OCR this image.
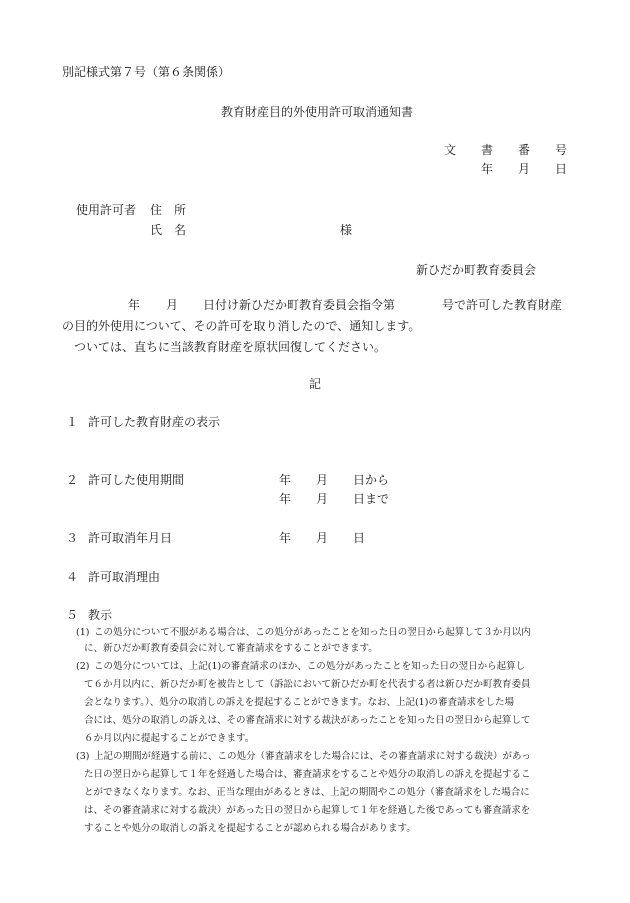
別記様式第７号（第６条関係）
教育財産目的外使用許可取消通知書
文 書 番 号
年 月 日
使用許可者 住　所
氏　名	様
新ひだか町教育委員会
年 月 日付け新ひだか町教育委員会指令第	号で許可した教育財産
の目的外使用について、その許可を取り消したので、通知します。
ついては、直ちに当該教育財産を原状回復してください。
記
１ 許可した教育財産の表示
２ 許可した使用期間	年 月 日から
年 月 日まで
３ 許可取消年月日	年 月 日
４ 許可取消理由
５ 教示
(1) この処分について不服がある場合は、この処分があったことを知った日の翌日から起算して３か月以内
に、新ひだか町教育委員会に対して審査請求をすることができます。
(2) この処分については、上記(1)の審査請求のほか、この処分があったことを知った日の翌日から起算し
て６か月以内に、新ひだか町を被告として（訴訟において新ひだか町を代表する者は新ひだか町教育委員
会となります。）、処分の取消しの訴えを提起することができます。なお、上記(1)の審査請求をした場
合には、処分の取消しの訴えは、その審査請求に対する裁決があったことを知った日の翌日から起算して
６か月以内に提起することができます。
(3) 上記の期間が経過する前に、この処分（審査請求をした場合には、その審査請求に対する裁決）があっ
た日の翌日から起算して１年を経過した場合は、審査請求をすることや処分の取消しの訴えを提起するこ
とができなくなります。なお、正当な理由があるときは、上記の期間やこの処分（審査請求をした場合に
は、その審査請求に対する裁決）があった日の翌日から起算して１年を経過した後であっても審査請求を
することや処分の取消しの訴えを提起することが認められる場合があります。
